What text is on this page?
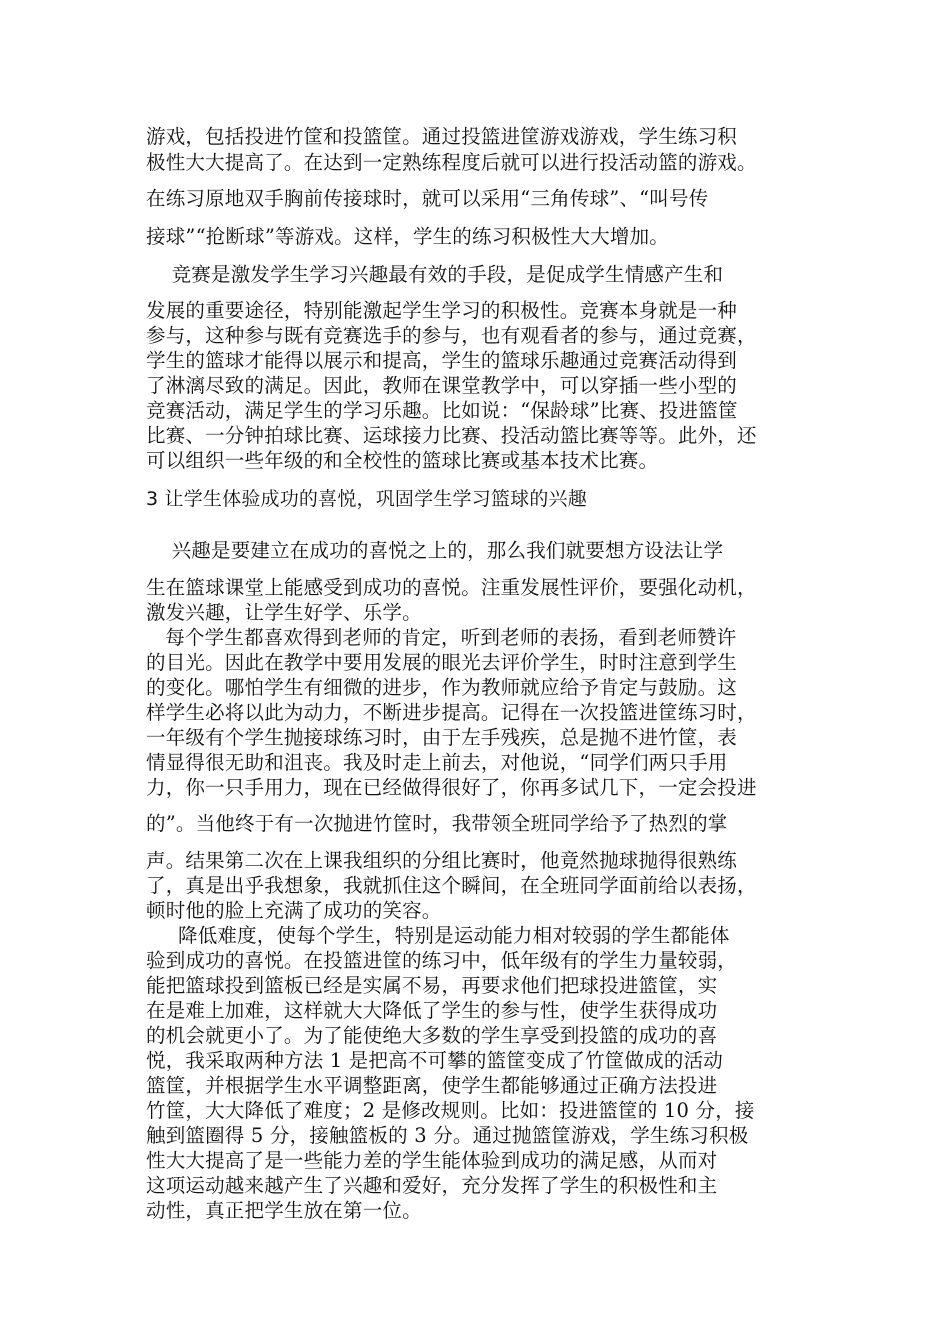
游戏，包括投进竹筐和投篮筐。通过投篮进筐游戏游戏，学生练习积
极性大大提高了。在达到一定熟练程度后就可以进行投活动篮的游戏。
在练习原地双手胸前传接球时，就可以采用“三角传球”、“叫号传
接球”“抢断球”等游戏。这样，学生的练习积极性大大增加。
竞赛是激发学生学习兴趣最有效的手段，是促成学生情感产生和
发展的重要途径，特别能激起学生学习的积极性。竞赛本身就是一种
参与，这种参与既有竞赛选手的参与，也有观看者的参与，通过竞赛，
学生的篮球才能得以展示和提高，学生的篮球乐趣通过竞赛活动得到
了淋漓尽致的满足。因此，教师在课堂教学中，可以穿插一些小型的
竞赛活动，满足学生的学习乐趣。比如说：“保龄球”比赛、投进篮筐
比赛、一分钟拍球比赛、运球接力比赛、投活动篮比赛等等。此外，还
可以组织一些年级的和全校性的篮球比赛或基本技术比赛。
3 让学生体验成功的喜悦，巩固学生学习篮球的兴趣
兴趣是要建立在成功的喜悦之上的，那么我们就要想方设法让学
生在篮球课堂上能感受到成功的喜悦。注重发展性评价，要强化动机，
激发兴趣，让学生好学、乐学。
每个学生都喜欢得到老师的肯定，听到老师的表扬，看到老师赞许
的目光。因此在教学中要用发展的眼光去评价学生，时时注意到学生
的变化。哪怕学生有细微的进步，作为教师就应给予肯定与鼓励。这
样学生必将以此为动力，不断进步提高。记得在一次投篮进筐练习时，
一年级有个学生抛接球练习时，由于左手残疾，总是抛不进竹筐，表
情显得很无助和沮丧。我及时走上前去，对他说，“同学们两只手用
力，你一只手用力，现在已经做得很好了，你再多试几下，一定会投进
的”。当他终于有一次抛进竹筐时，我带领全班同学给予了热烈的掌
声。结果第二次在上课我组织的分组比赛时，他竟然抛球抛得很熟练
了，真是出乎我想象，我就抓住这个瞬间，在全班同学面前给以表扬，
顿时他的脸上充满了成功的笑容。
降低难度，使每个学生，特别是运动能力相对较弱的学生都能体
验到成功的喜悦。在投篮进筐的练习中，低年级有的学生力量较弱，
能把篮球投到篮板已经是实属不易，再要求他们把球投进篮筐，实
在是难上加难，这样就大大降低了学生的参与性，使学生获得成功
的机会就更小了。为了能使绝大多数的学生享受到投篮的成功的喜
悦，我采取两种方法 1 是把高不可攀的篮筐变成了竹筐做成的活动
篮筐，并根据学生水平调整距离，使学生都能够通过正确方法投进
竹筐，大大降低了难度；2 是修改规则。比如：投进篮筐的 10 分，接
触到篮圈得 5 分，接触篮板的 3 分。通过抛篮筐游戏，学生练习积极
性大大提高了是一些能力差的学生能体验到成功的满足感，从而对
这项运动越来越产生了兴趣和爱好，充分发挥了学生的积极性和主
动性，真正把学生放在第一位。
